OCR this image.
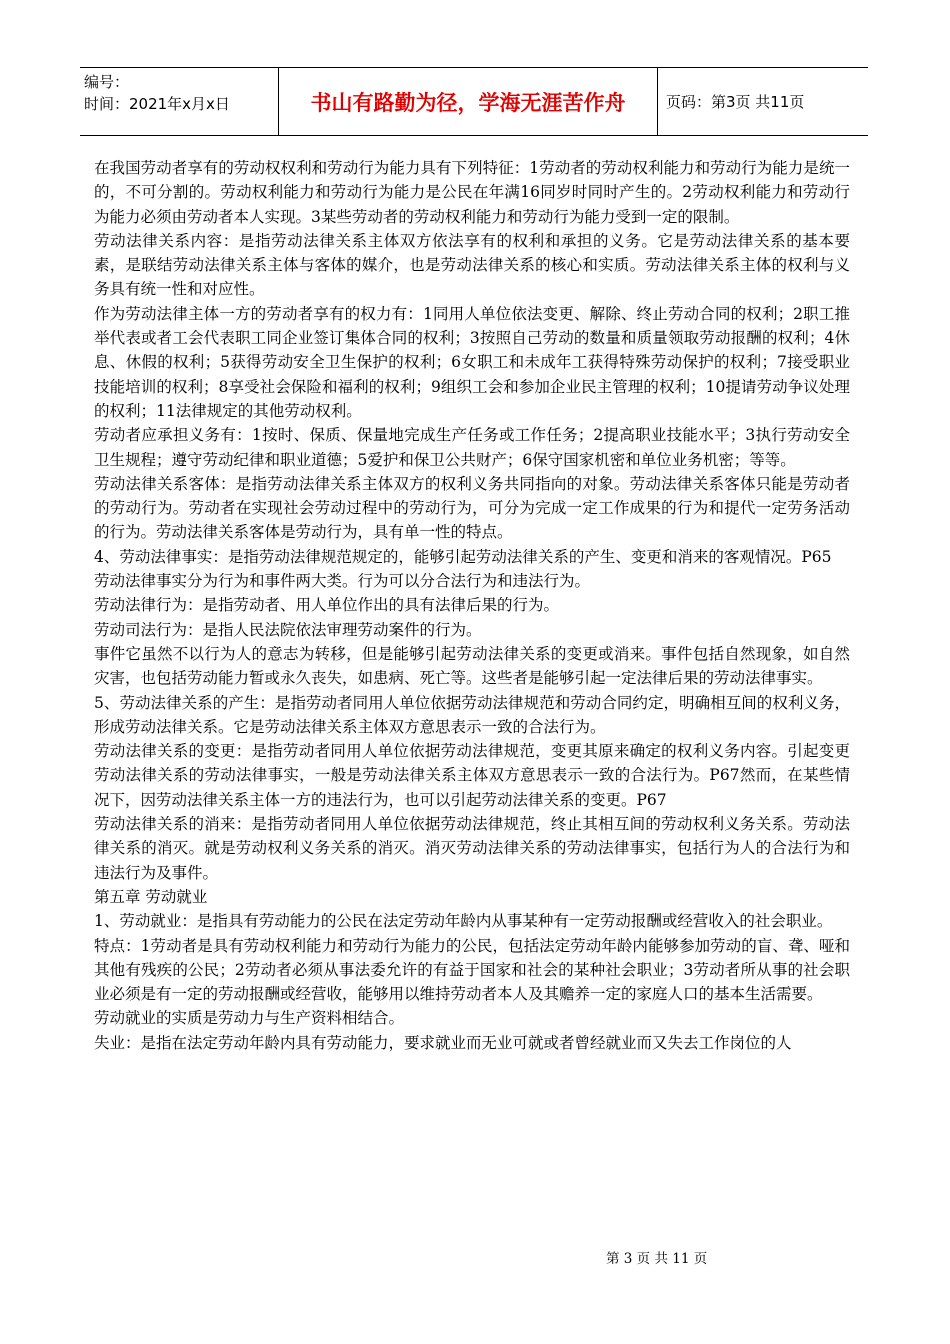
编号：
时间：2021年x月x日	书山有路勤为径，学海无涯苦作舟	页码：第3页 共11页

在我国劳动者享有的劳动权权利和劳动行为能力具有下列特征：1劳动者的劳动权利能力和劳动行为能力是统一的，不可分割的。劳动权利能力和劳动行为能力是公民在年满16同岁时同时产生的。2劳动权利能力和劳动行为能力必须由劳动者本人实现。3某些劳动者的劳动权利能力和劳动行为能力受到一定的限制。

劳动法律关系内容：是指劳动法律关系主体双方依法享有的权利和承担的义务。它是劳动法律关系的基本要素，是联结劳动法律关系主体与客体的媒介，也是劳动法律关系的核心和实质。劳动法律关系主体的权利与义务具有统一性和对应性。

作为劳动法律主体一方的劳动者享有的权力有：1同用人单位依法变更、解除、终止劳动合同的权利；2职工推举代表或者工会代表职工同企业签订集体合同的权利；3按照自己劳动的数量和质量领取劳动报酬的权利；4休息、休假的权利；5获得劳动安全卫生保护的权利；6女职工和未成年工获得特殊劳动保护的权利；7接受职业技能培训的权利；8享受社会保险和福利的权利；9组织工会和参加企业民主管理的权利；10提请劳动争议处理的权利；11法律规定的其他劳动权利。

劳动者应承担义务有：1按时、保质、保量地完成生产任务或工作任务；2提高职业技能水平；3执行劳动安全卫生规程；遵守劳动纪律和职业道德；5爱护和保卫公共财产；6保守国家机密和单位业务机密；等等。

劳动法律关系客体：是指劳动法律关系主体双方的权利义务共同指向的对象。劳动法律关系客体只能是劳动者的劳动行为。劳动者在实现社会劳动过程中的劳动行为，可分为完成一定工作成果的行为和提代一定劳务活动的行为。劳动法律关系客体是劳动行为，具有单一性的特点。

4、劳动法律事实：是指劳动法律规范规定的，能够引起劳动法律关系的产生、变更和消来的客观情况。P65

劳动法律事实分为行为和事件两大类。行为可以分合法行为和违法行为。

劳动法律行为：是指劳动者、用人单位作出的具有法律后果的行为。

劳动司法行为：是指人民法院依法审理劳动案件的行为。

事件它虽然不以行为人的意志为转移，但是能够引起劳动法律关系的变更或消来。事件包括自然现象，如自然灾害，也包括劳动能力暂或永久丧失，如患病、死亡等。这些者是能够引起一定法律后果的劳动法律事实。

5、劳动法律关系的产生：是指劳动者同用人单位依据劳动法律规范和劳动合同约定，明确相互间的权利义务，形成劳动法律关系。它是劳动法律关系主体双方意思表示一致的合法行为。

劳动法律关系的变更：是指劳动者同用人单位依据劳动法律规范，变更其原来确定的权利义务内容。引起变更劳动法律关系的劳动法律事实，一般是劳动法律关系主体双方意思表示一致的合法行为。P67然而，在某些情况下，因劳动法律关系主体一方的违法行为，也可以引起劳动法律关系的变更。P67

劳动法律关系的消来：是指劳动者同用人单位依据劳动法律规范，终止其相互间的劳动权利义务关系。劳动法律关系的消灭。就是劳动权利义务关系的消灭。消灭劳动法律关系的劳动法律事实，包括行为人的合法行为和违法行为及事件。

第五章 劳动就业

1、劳动就业：是指具有劳动能力的公民在法定劳动年龄内从事某种有一定劳动报酬或经营收入的社会职业。

特点：1劳动者是具有劳动权利能力和劳动行为能力的公民，包括法定劳动年龄内能够参加劳动的盲、聋、哑和其他有残疾的公民；2劳动者必须从事法委允许的有益于国家和社会的某种社会职业；3劳动者所从事的社会职业必须是有一定的劳动报酬或经营收，能够用以维持劳动者本人及其赡养一定的家庭人口的基本生活需要。

劳动就业的实质是劳动力与生产资料相结合。

失业：是指在法定劳动年龄内具有劳动能力，要求就业而无业可就或者曾经就业而又失去工作岗位的人

第 3 页 共 11 页
